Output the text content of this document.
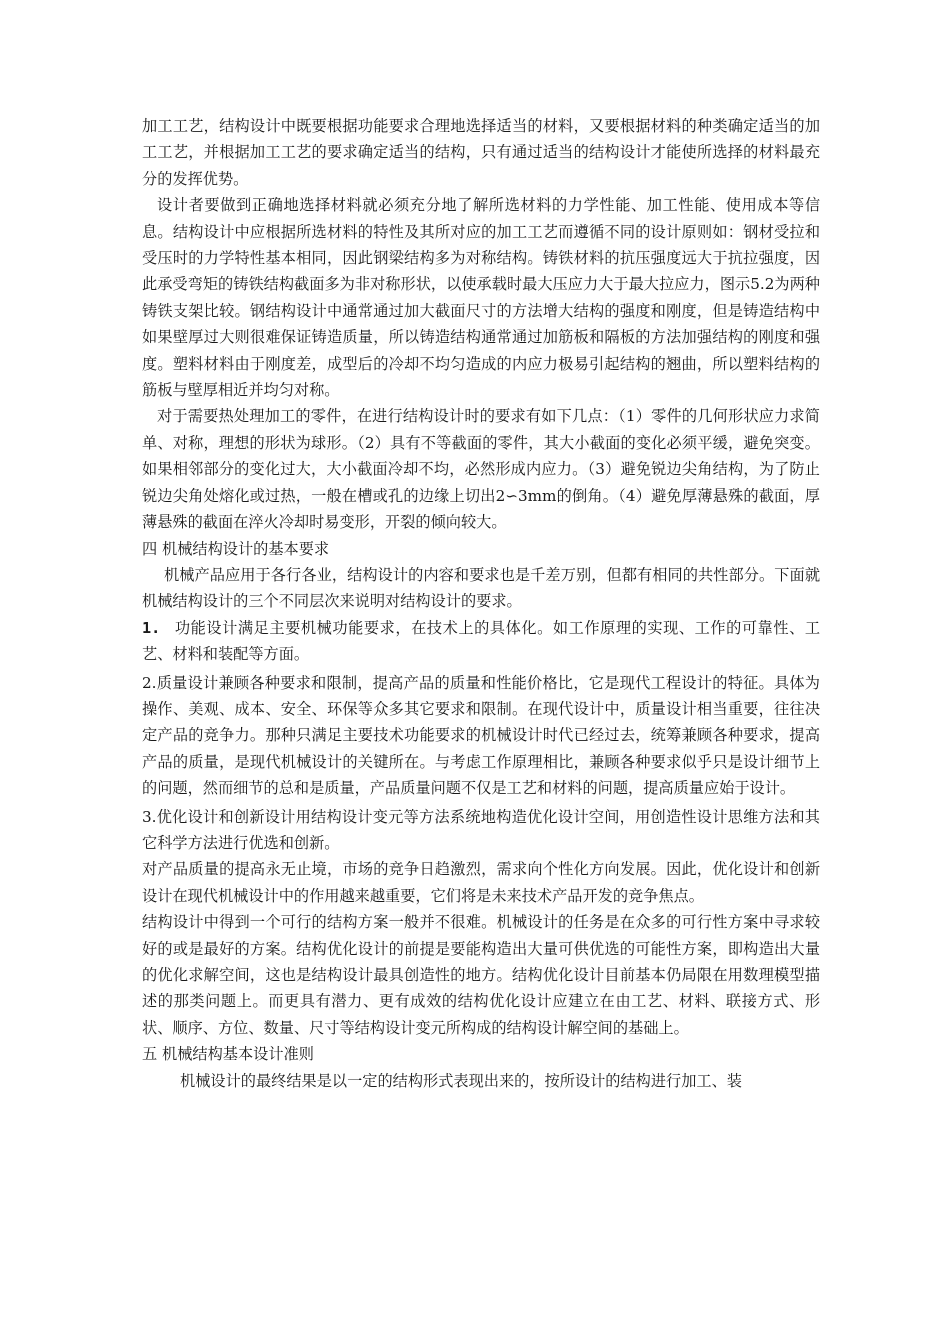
加工工艺，结构设计中既要根据功能要求合理地选择适当的材料，又要根据材料的种类确定适当的加工工艺，并根据加工工艺的要求确定适当的结构，只有通过适当的结构设计才能使所选择的材料最充分的发挥优势。

设计者要做到正确地选择材料就必须充分地了解所选材料的力学性能、加工性能、使用成本等信息。结构设计中应根据所选材料的特性及其所对应的加工工艺而遵循不同的设计原则如：钢材受拉和受压时的力学特性基本相同，因此钢梁结构多为对称结构。铸铁材料的抗压强度远大于抗拉强度，因此承受弯矩的铸铁结构截面多为非对称形状，以使承载时最大压应力大于最大拉应力，图示5.2为两种铸铁支架比较。钢结构设计中通常通过加大截面尺寸的方法增大结构的强度和刚度，但是铸造结构中如果壁厚过大则很难保证铸造质量，所以铸造结构通常通过加筋板和隔板的方法加强结构的刚度和强度。塑料材料由于刚度差，成型后的冷却不均匀造成的内应力极易引起结构的翘曲，所以塑料结构的筋板与壁厚相近并均匀对称。

对于需要热处理加工的零件，在进行结构设计时的要求有如下几点：（1）零件的几何形状应力求简单、对称，理想的形状为球形。（2）具有不等截面的零件，其大小截面的变化必须平缓，避免突变。如果相邻部分的变化过大，大小截面冷却不均，必然形成内应力。（3）避免锐边尖角结构，为了防止锐边尖角处熔化或过热，一般在槽或孔的边缘上切出2∽3mm的倒角。（4）避免厚薄悬殊的截面，厚薄悬殊的截面在淬火冷却时易变形，开裂的倾向较大。

四 机械结构设计的基本要求

机械产品应用于各行各业，结构设计的内容和要求也是千差万别，但都有相同的共性部分。下面就机械结构设计的三个不同层次来说明对结构设计的要求。

1. 功能设计满足主要机械功能要求，在技术上的具体化。如工作原理的实现、工作的可靠性、工艺、材料和装配等方面。

2.质量设计兼顾各种要求和限制，提高产品的质量和性能价格比，它是现代工程设计的特征。具体为操作、美观、成本、安全、环保等众多其它要求和限制。在现代设计中，质量设计相当重要，往往决定产品的竞争力。那种只满足主要技术功能要求的机械设计时代已经过去，统筹兼顾各种要求，提高产品的质量，是现代机械设计的关键所在。与考虑工作原理相比，兼顾各种要求似乎只是设计细节上的问题，然而细节的总和是质量，产品质量问题不仅是工艺和材料的问题，提高质量应始于设计。

3.优化设计和创新设计用结构设计变元等方法系统地构造优化设计空间，用创造性设计思维方法和其它科学方法进行优选和创新。

对产品质量的提高永无止境，市场的竞争日趋激烈，需求向个性化方向发展。因此，优化设计和创新设计在现代机械设计中的作用越来越重要，它们将是未来技术产品开发的竞争焦点。

结构设计中得到一个可行的结构方案一般并不很难。机械设计的任务是在众多的可行性方案中寻求较好的或是最好的方案。结构优化设计的前提是要能构造出大量可供优选的可能性方案，即构造出大量的优化求解空间，这也是结构设计最具创造性的地方。结构优化设计目前基本仍局限在用数理模型描述的那类问题上。而更具有潜力、更有成效的结构优化设计应建立在由工艺、材料、联接方式、形状、顺序、方位、数量、尺寸等结构设计变元所构成的结构设计解空间的基础上。

五 机械结构基本设计准则

机械设计的最终结果是以一定的结构形式表现出来的，按所设计的结构进行加工、装
